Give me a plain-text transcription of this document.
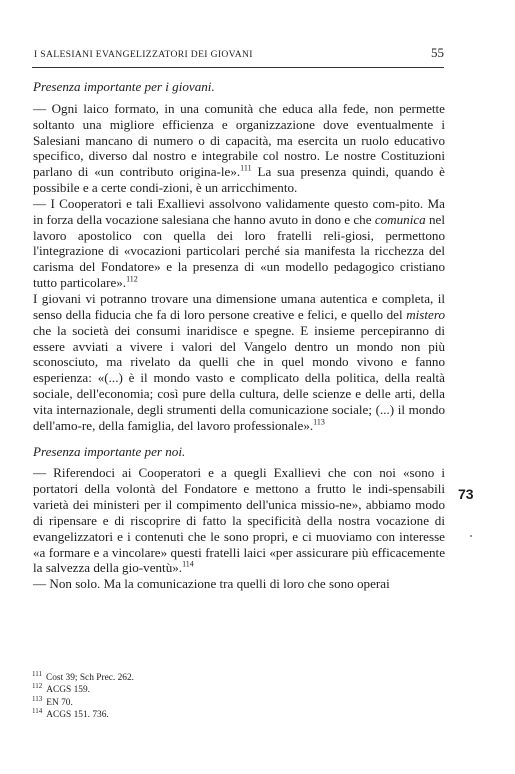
I SALESIANI EVANGELIZZATORI DEI GIOVANI	55

Presenza importante per i giovani.

— Ogni laico formato, in una comunità che educa alla fede, non permette soltanto una migliore efficienza e organizzazione dove eventualmente i Salesiani mancano di numero o di capacità, ma esercita un ruolo educativo specifico, diverso dal nostro e integrabile col nostro. Le nostre Costituzioni parlano di «un contributo origina-le».$^{111}$ La sua presenza quindi, quando è possibile e a certe condi-zioni, è un arricchimento.

— I Cooperatori e tali Exallievi assolvono validamente questo com-pito. Ma in forza della vocazione salesiana che hanno avuto in dono e che comunica nel lavoro apostolico con quella dei loro fratelli reli-giosi, permettono l'integrazione di «vocazioni particolari perché sia manifesta la ricchezza del carisma del Fondatore» e la presenza di «un modello pedagogico cristiano tutto particolare».$^{112}$

I giovani vi potranno trovare una dimensione umana autentica e completa, il senso della fiducia che fa di loro persone creative e felici, e quello del mistero che la società dei consumi inaridisce e spegne. E insieme percepiranno di essere avviati a vivere i valori del Vangelo dentro un mondo non più sconosciuto, ma rivelato da quelli che in quel mondo vivono e fanno esperienza: «(...) è il mondo vasto e complicato della politica, della realtà sociale, dell'economia; così pure della cultura, delle scienze e delle arti, della vita internazionale, degli strumenti della comunicazione sociale; (...) il mondo dell'amo-re, della famiglia, del lavoro professionale».$^{113}$

Presenza importante per noi.

— Riferendoci ai Cooperatori e a quegli Exallievi che con noi «sono i portatori della volontà del Fondatore e mettono a frutto le indi-spensabili varietà dei ministeri per il compimento dell'unica missio-ne», abbiamo modo di ripensare e di riscoprire di fatto la specificità della nostra vocazione di evangelizzatori e i contenuti che le sono propri, e ci muoviamo con interesse «a formare e a vincolare» questi fratelli laici «per assicurare più efficacemente la salvezza della gio-ventù».$^{114}$

— Non solo. Ma la comunicazione tra quelli di loro che sono operai

73
$^{111}$ Cost 39; Sch Prec. 262.
$^{112}$ ACGS 159.
$^{113}$ EN 70.
$^{114}$ ACGS 151. 736.
